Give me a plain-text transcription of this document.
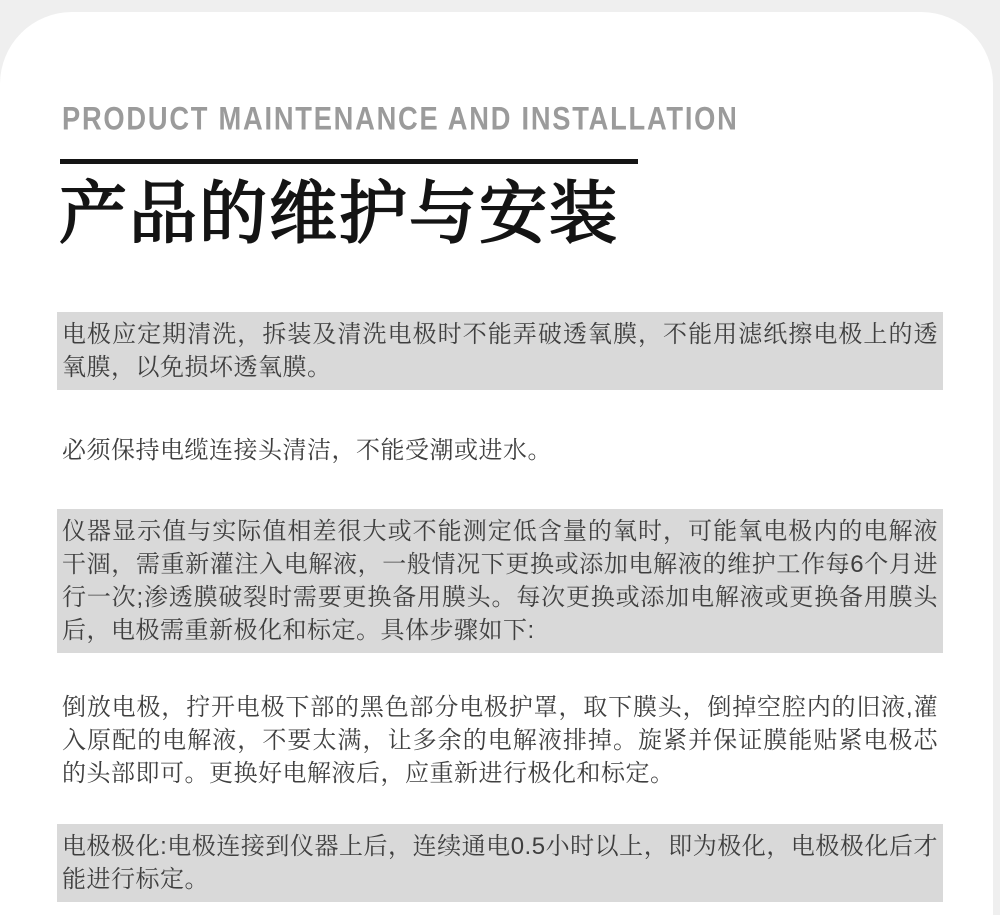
PRODUCT MAINTENANCE AND INSTALLATION
产品的维护与安装

电极应定期清洗，拆装及清洗电极时不能弄破透氧膜，不能用滤纸擦电极上的透氧膜，以免损坏透氧膜。

必须保持电缆连接头清洁，不能受潮或进水。

仪器显示值与实际值相差很大或不能测定低含量的氧时，可能氧电极内的电解液干涸，需重新灌注入电解液，一般情况下更换或添加电解液的维护工作每6个月进行一次;渗透膜破裂时需要更换备用膜头。每次更换或添加电解液或更换备用膜头后，电极需重新极化和标定。具体步骤如下:

倒放电极，拧开电极下部的黑色部分电极护罩，取下膜头，倒掉空腔内的旧液,灌入原配的电解液，不要太满，让多余的电解液排掉。旋紧并保证膜能贴紧电极芯的头部即可。更换好电解液后，应重新进行极化和标定。

电极极化:电极连接到仪器上后，连续通电0.5小时以上，即为极化，电极极化后才能进行标定。
